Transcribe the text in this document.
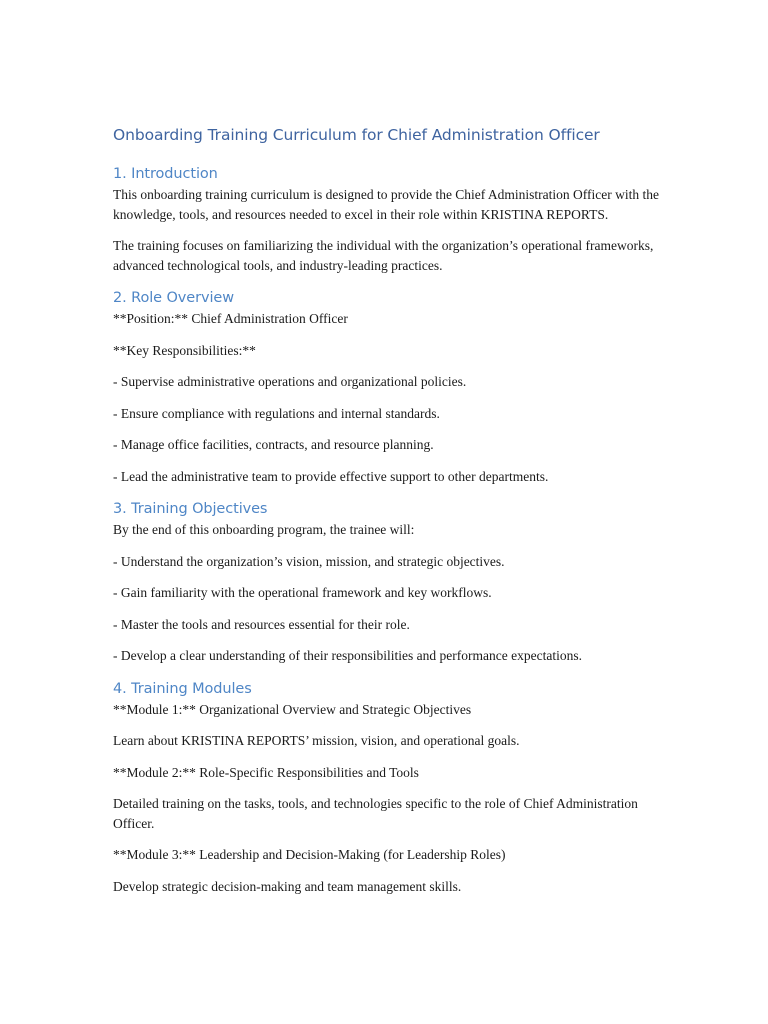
Onboarding Training Curriculum for Chief Administration Officer
1. Introduction

This onboarding training curriculum is designed to provide the Chief Administration Officer with the knowledge, tools, and resources needed to excel in their role within KRISTINA REPORTS.

The training focuses on familiarizing the individual with the organization’s operational frameworks, advanced technological tools, and industry-leading practices.

2. Role Overview

**Position:** Chief Administration Officer

**Key Responsibilities:**

- Supervise administrative operations and organizational policies.

- Ensure compliance with regulations and internal standards.

- Manage office facilities, contracts, and resource planning.

- Lead the administrative team to provide effective support to other departments.

3. Training Objectives

By the end of this onboarding program, the trainee will:

- Understand the organization’s vision, mission, and strategic objectives.

- Gain familiarity with the operational framework and key workflows.

- Master the tools and resources essential for their role.

- Develop a clear understanding of their responsibilities and performance expectations.

4. Training Modules

**Module 1:** Organizational Overview and Strategic Objectives

Learn about KRISTINA REPORTS’ mission, vision, and operational goals.

**Module 2:** Role-Specific Responsibilities and Tools

Detailed training on the tasks, tools, and technologies specific to the role of Chief Administration Officer.

**Module 3:** Leadership and Decision-Making (for Leadership Roles)

Develop strategic decision-making and team management skills.
